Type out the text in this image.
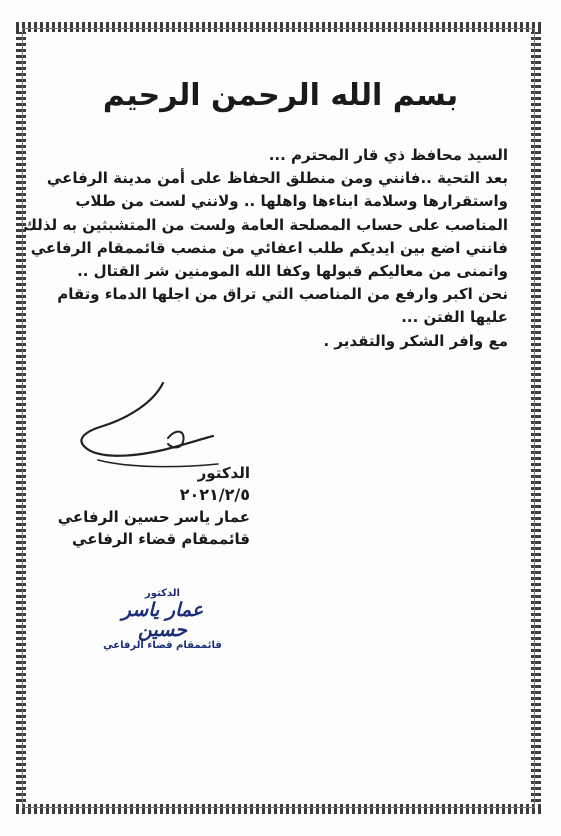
بسم الله الرحمن الرحيم
السيد محافظ ذي قار المحترم ...
بعد التحية ..فانني ومن منطلق الحفاظ على أمن مدينة الرفاعي
واستقرارها وسلامة ابناءها واهلها .. ولانني لست من طلاب
المناصب على حساب المصلحة العامة ولست من المتشبثين به لذلك
فانني اضع بين ايديكم طلب اعفائي من منصب قائممقام الرفاعي
واتمنى من معاليكم قبولها وكفا الله المومنين شر القتال ..
نحن اكبر وارفع من المناصب التي تراق من اجلها الدماء وتقام
عليها الفتن ...
مع وافر الشكر والتقدير .
الدكتور
٢٠٢١/٢/٥
عمار ياسر حسين الرفاعي
قائممقام قضاء الرفاعي
الدكتور
عمار ياسر حسين
قائممقام قضاء الرفاعي
